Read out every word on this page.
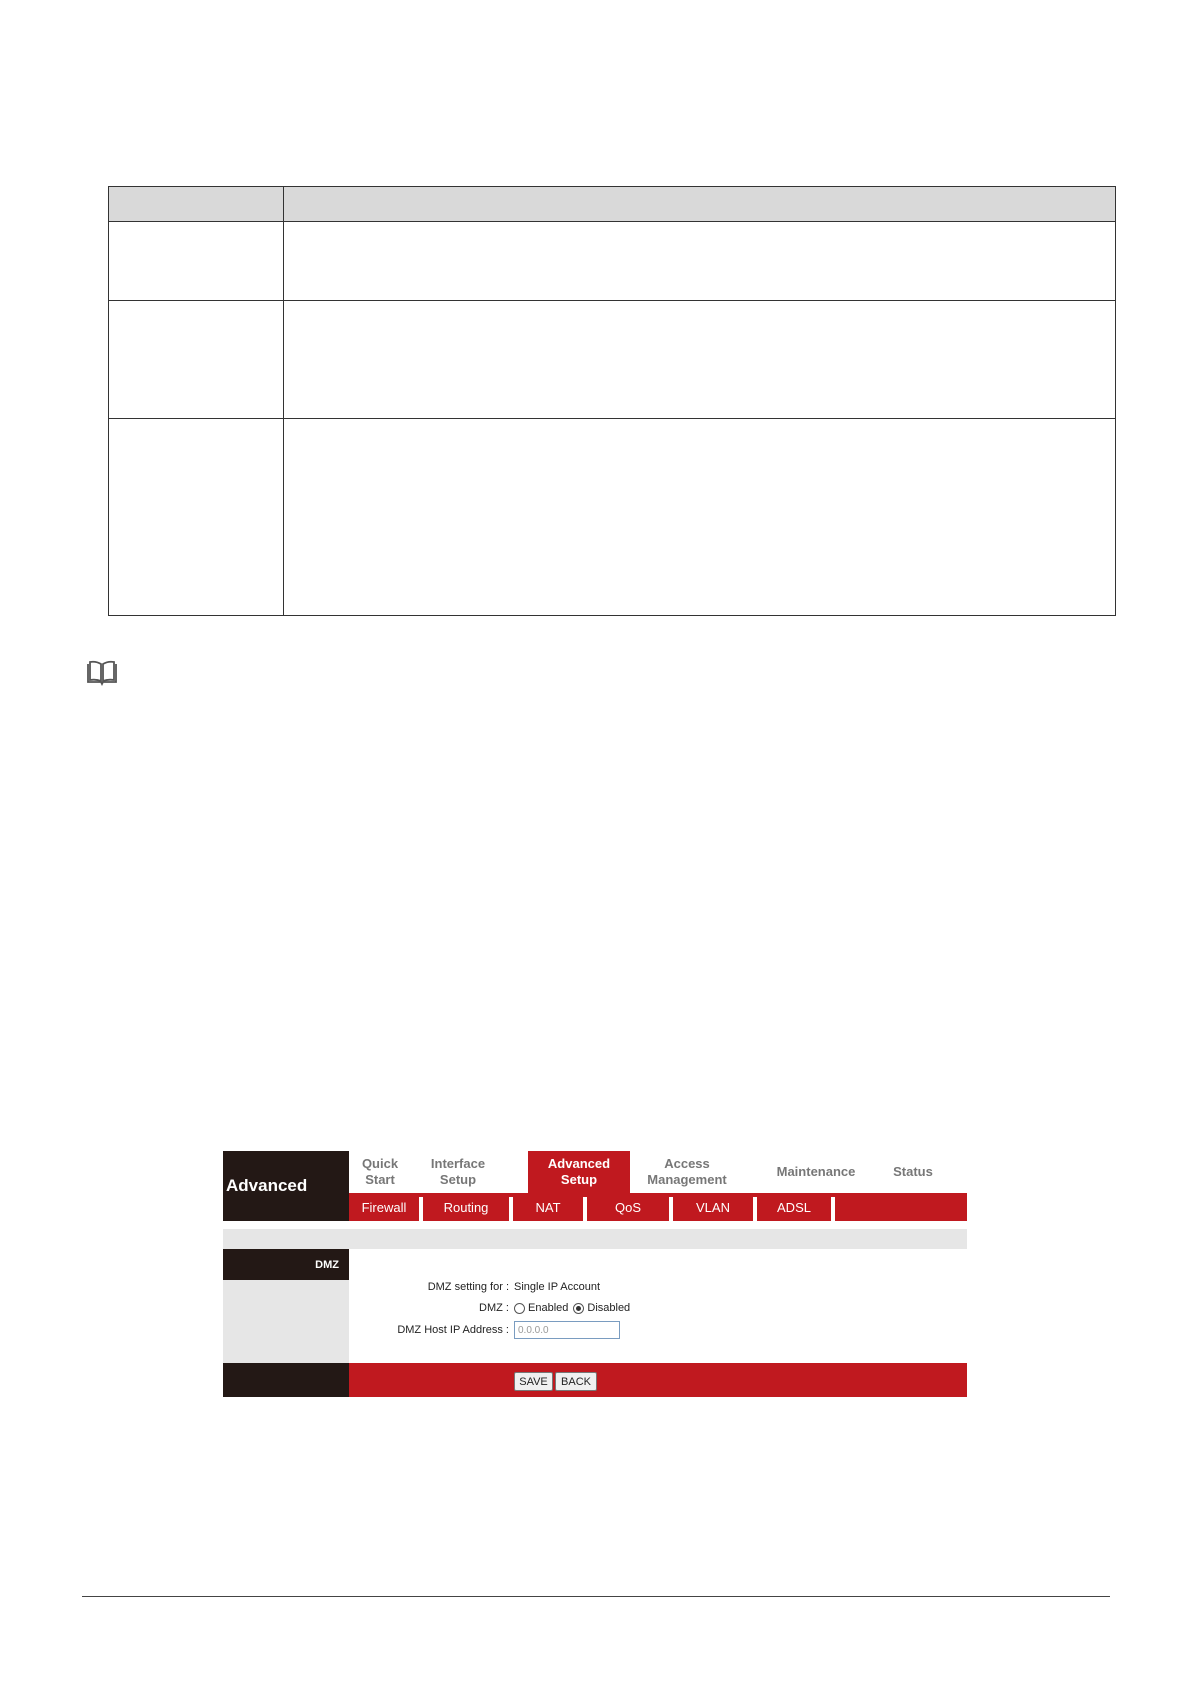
Advanced
Quick
Start
Interface
Setup
Advanced
Setup
Access
Management
Maintenance	Status
Firewall	Routing	NAT	QoS	VLAN	ADSL
DMZ
DMZ setting for : Single IP Account
DMZ : Enabled Disabled
DMZ Host IP Address :
0.0.0.0
SAVE	BACK
